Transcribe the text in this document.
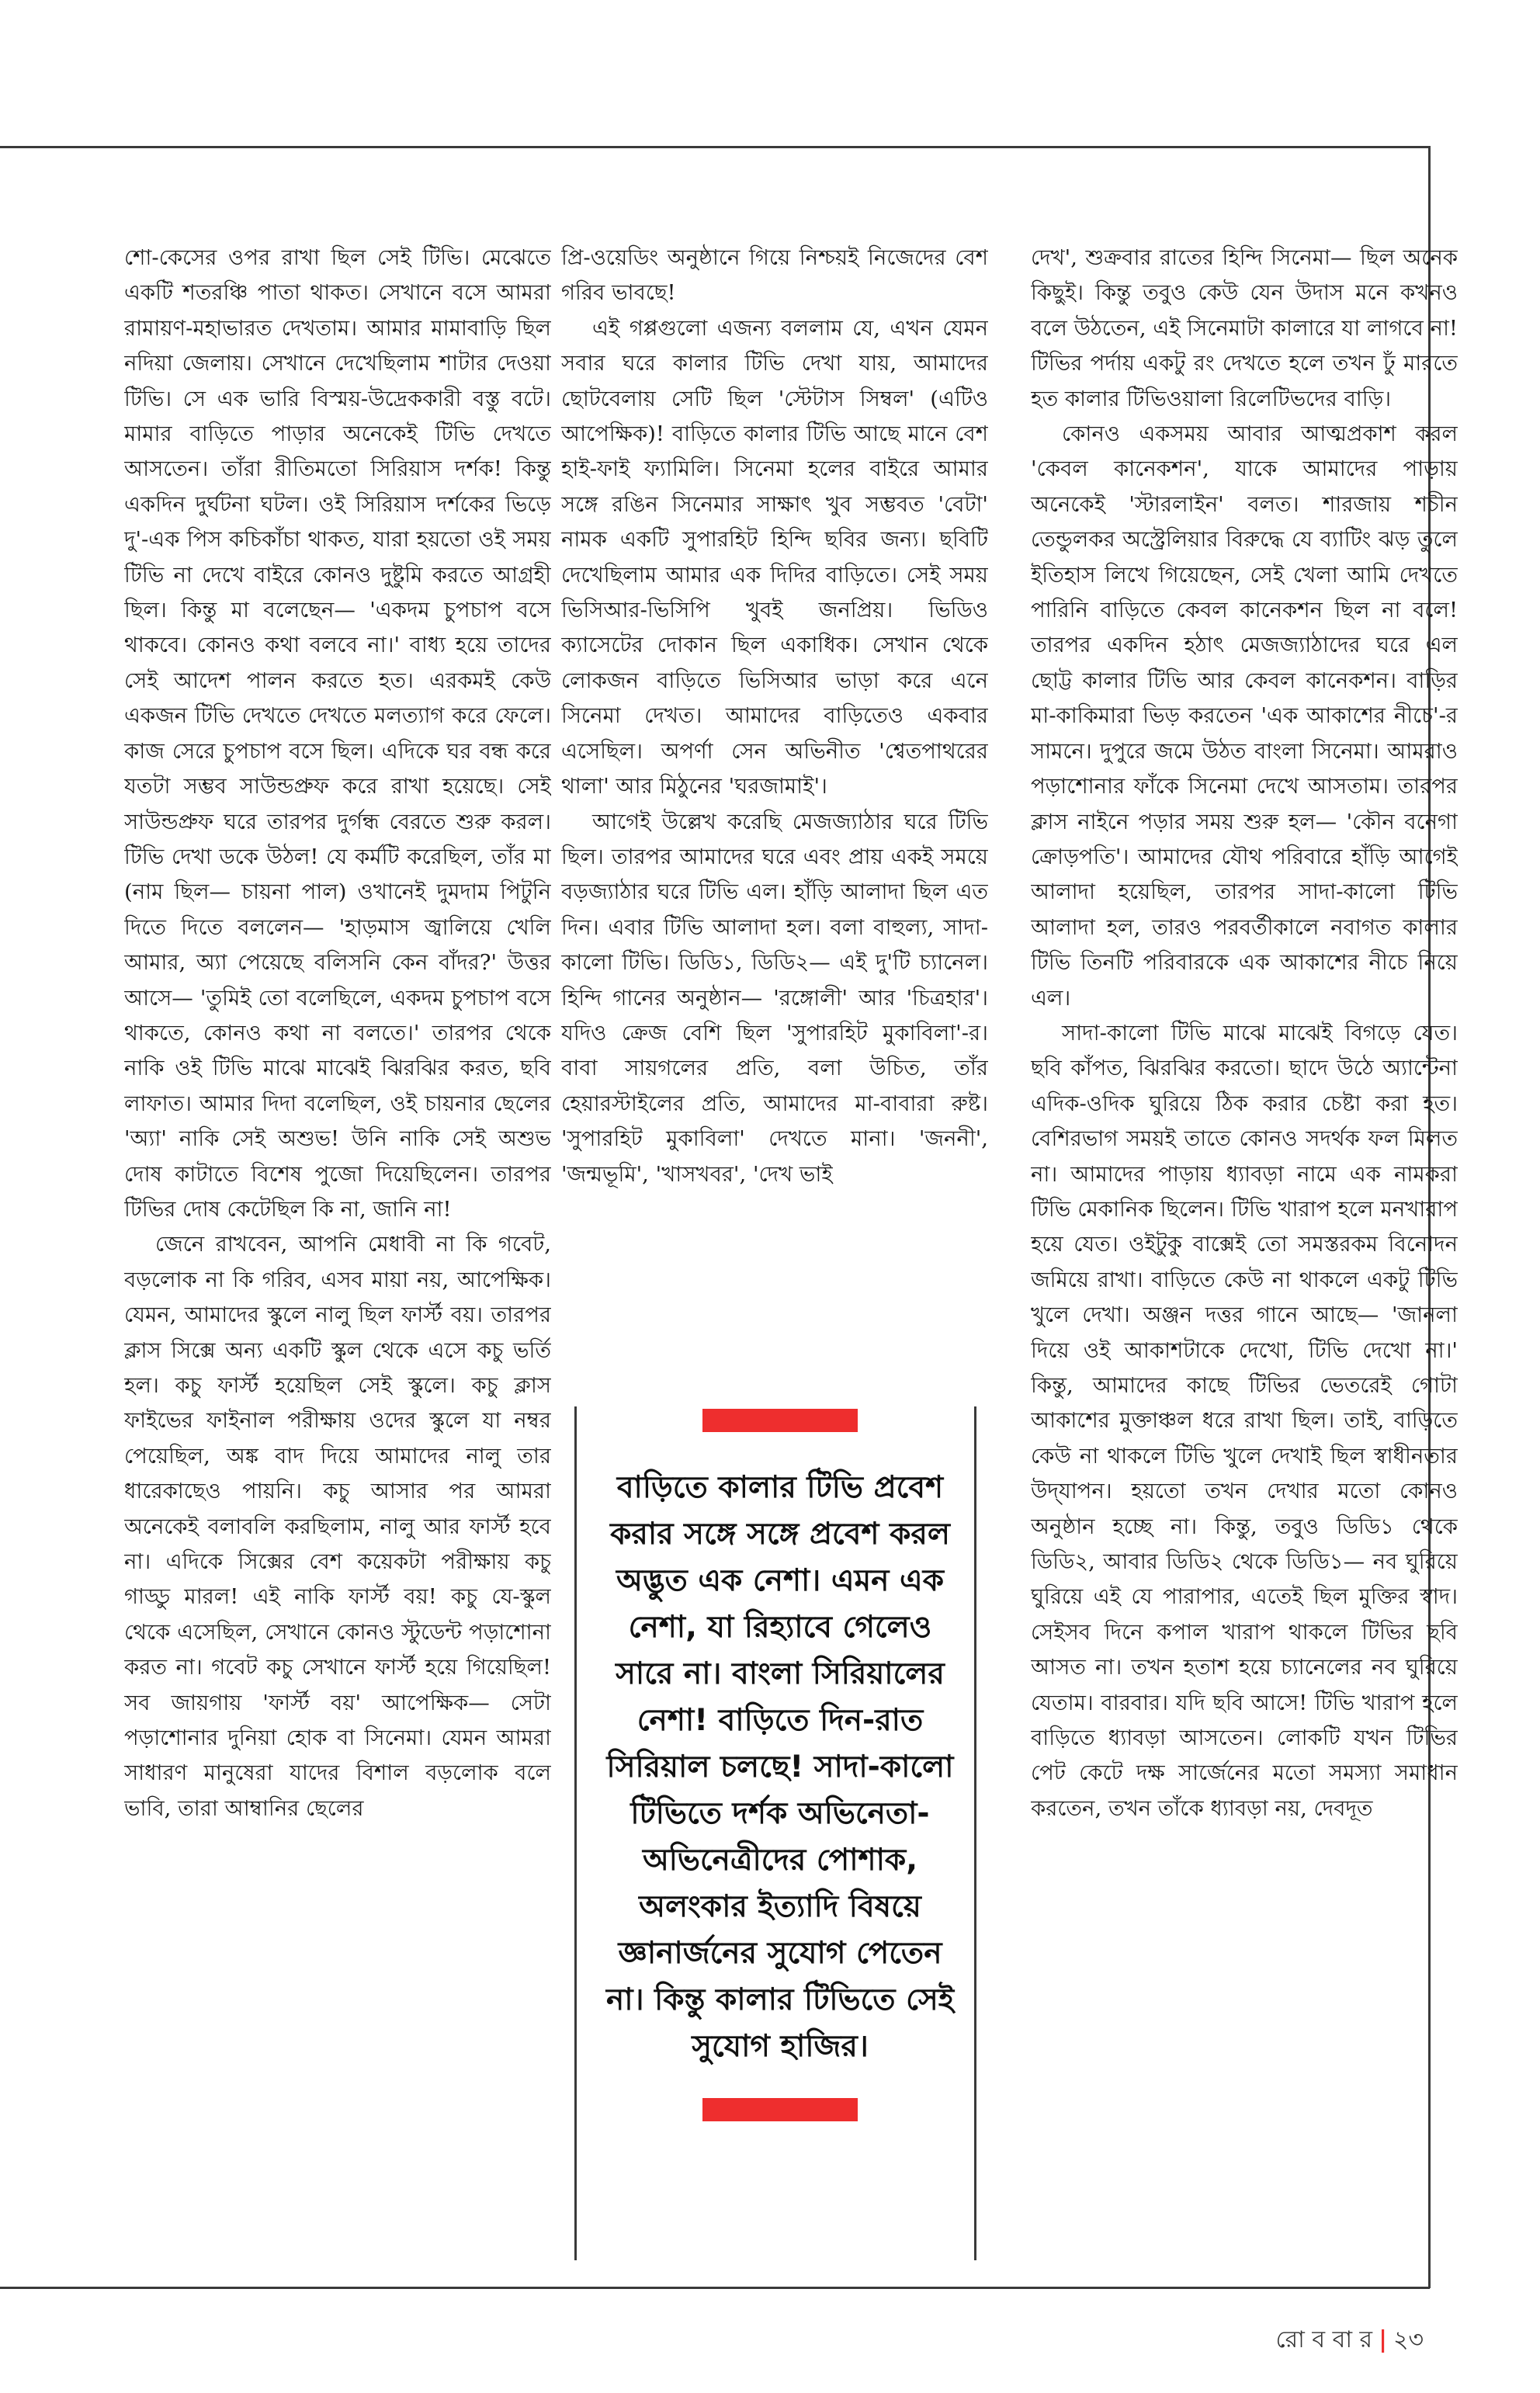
শো-কেসের ওপর রাখা ছিল সেই টিভি। মেঝেতে একটি শতরঞ্চি পাতা থাকত। সেখানে বসে আমরা রামায়ণ-মহাভারত দেখতাম। আমার মামাবাড়ি ছিল নদিয়া জেলায়। সেখানে দেখেছিলাম শাটার দেওয়া টিভি। সে এক ভারি বিস্ময়-উদ্রেককারী বস্তু বটে। মামার বাড়িতে পাড়ার অনেকেই টিভি দেখতে আসতেন। তাঁরা রীতিমতো সিরিয়াস দর্শক! কিন্তু একদিন দুর্ঘটনা ঘটল। ওই সিরিয়াস দর্শকের ভিড়ে দু'-এক পিস কচিকাঁচা থাকত, যারা হয়তো ওই সময় টিভি না দেখে বাইরে কোনও দুষ্টুমি করতে আগ্রহী ছিল। কিন্তু মা বলেছেন— 'একদম চুপচাপ বসে থাকবে। কোনও কথা বলবে না।' বাধ্য হয়ে তাদের সেই আদেশ পালন করতে হত। এরকমই কেউ একজন টিভি দেখতে দেখতে মলত্যাগ করে ফেলে। কাজ সেরে চুপচাপ বসে ছিল। এদিকে ঘর বন্ধ করে যতটা সম্ভব সাউন্ডপ্রুফ করে রাখা হয়েছে। সেই সাউন্ডপ্রুফ ঘরে তারপর দুর্গন্ধ বেরতে শুরু করল। টিভি দেখা ডকে উঠল! যে কর্মটি করেছিল, তাঁর মা (নাম ছিল— চায়না পাল) ওখানেই দুমদাম পিটুনি দিতে দিতে বললেন— 'হাড়মাস জ্বালিয়ে খেলি আমার, অ্যা পেয়েছে বলিসনি কেন বাঁদর?' উত্তর আসে— 'তুমিই তো বলেছিলে, একদম চুপচাপ বসে থাকতে, কোনও কথা না বলতে।' তারপর থেকে নাকি ওই টিভি মাঝে মাঝেই ঝিরঝির করত, ছবি লাফাত। আমার দিদা বলেছিল, ওই চায়নার ছেলের 'অ্যা' নাকি সেই অশুভ! উনি নাকি সেই অশুভ দোষ কাটাতে বিশেষ পুজো দিয়েছিলেন। তারপর টিভির দোষ কেটেছিল কি না, জানি না!

জেনে রাখবেন, আপনি মেধাবী না কি গবেট, বড়লোক না কি গরিব, এসব মায়া নয়, আপেক্ষিক। যেমন, আমাদের স্কুলে নালু ছিল ফার্স্ট বয়। তারপর ক্লাস সিক্সে অন্য একটি স্কুল থেকে এসে কচু ভর্তি হল। কচু ফার্স্ট হয়েছিল সেই স্কুলে। কচু ক্লাস ফাইভের ফাইনাল পরীক্ষায় ওদের স্কুলে যা নম্বর পেয়েছিল, অঙ্ক বাদ দিয়ে আমাদের নালু তার ধারেকাছেও পায়নি। কচু আসার পর আমরা অনেকেই বলাবলি করছিলাম, নালু আর ফার্স্ট হবে না। এদিকে সিক্সের বেশ কয়েকটা পরীক্ষায় কচু গাড্ডু মারল! এই নাকি ফার্স্ট বয়! কচু যে-স্কুল থেকে এসেছিল, সেখানে কোনও স্টুডেন্ট পড়াশোনা করত না। গবেট কচু সেখানে ফার্স্ট হয়ে গিয়েছিল! সব জায়গায় 'ফার্স্ট বয়' আপেক্ষিক— সেটা পড়াশোনার দুনিয়া হোক বা সিনেমা। যেমন আমরা সাধারণ মানুষেরা যাদের বিশাল বড়লোক বলে ভাবি, তারা আম্বানির ছেলের

প্রি-ওয়েডিং অনুষ্ঠানে গিয়ে নিশ্চয়ই নিজেদের বেশ গরিব ভাবছে!

এই গপ্পগুলো এজন্য বললাম যে, এখন যেমন সবার ঘরে কালার টিভি দেখা যায়, আমাদের ছোটবেলায় সেটি ছিল 'স্টেটাস সিম্বল' (এটিও আপেক্ষিক)! বাড়িতে কালার টিভি আছে মানে বেশ হাই-ফাই ফ্যামিলি। সিনেমা হলের বাইরে আমার সঙ্গে রঙিন সিনেমার সাক্ষাৎ খুব সম্ভবত 'বেটা' নামক একটি সুপারহিট হিন্দি ছবির জন্য। ছবিটি দেখেছিলাম আমার এক দিদির বাড়িতে। সেই সময় ভিসিআর-ভিসিপি খুবই জনপ্রিয়। ভিডিও ক্যাসেটের দোকান ছিল একাধিক। সেখান থেকে লোকজন বাড়িতে ভিসিআর ভাড়া করে এনে সিনেমা দেখত। আমাদের বাড়িতেও একবার এসেছিল। অপর্ণা সেন অভিনীত 'শ্বেতপাথরের থালা' আর মিঠুনের 'ঘরজামাই'।

আগেই উল্লেখ করেছি মেজজ্যাঠার ঘরে টিভি ছিল। তারপর আমাদের ঘরে এবং প্রায় একই সময়ে বড়জ্যাঠার ঘরে টিভি এল। হাঁড়ি আলাদা ছিল এত দিন। এবার টিভি আলাদা হল। বলা বাহুল্য, সাদা-কালো টিভি। ডিডি১, ডিডি২— এই দু'টি চ্যানেল। হিন্দি গানের অনুষ্ঠান— 'রঙ্গোলী' আর 'চিত্রহার'। যদিও ক্রেজ বেশি ছিল 'সুপারহিট মুকাবিলা'-র। বাবা সায়গলের প্রতি, বলা উচিত, তাঁর হেয়ারস্টাইলের প্রতি, আমাদের মা-বাবারা রুষ্ট। 'সুপারহিট মুকাবিলা' দেখতে মানা। 'জননী', 'জন্মভূমি', 'খাসখবর', 'দেখ ভাই

বাড়িতে কালার টিভি প্রবেশ করার সঙ্গে সঙ্গে প্রবেশ করল অদ্ভুত এক নেশা। এমন এক নেশা, যা রিহ্যাবে গেলেও সারে না। বাংলা সিরিয়ালের নেশা! বাড়িতে দিন-রাত সিরিয়াল চলছে! সাদা-কালো টিভিতে দর্শক অভিনেতা-অভিনেত্রীদের পোশাক, অলংকার ইত্যাদি বিষয়ে জ্ঞানার্জনের সুযোগ পেতেন না। কিন্তু কালার টিভিতে সেই সুযোগ হাজির।

দেখ', শুক্রবার রাতের হিন্দি সিনেমা— ছিল অনেক কিছুই। কিন্তু তবুও কেউ যেন উদাস মনে কখনও বলে উঠতেন, এই সিনেমাটা কালারে যা লাগবে না! টিভির পর্দায় একটু রং দেখতে হলে তখন ঢুঁ মারতে হত কালার টিভিওয়ালা রিলেটিভদের বাড়ি।

কোনও একসময় আবার আত্মপ্রকাশ করল 'কেবল কানেকশন', যাকে আমাদের পাড়ায় অনেকেই 'স্টারলাইন' বলত। শারজায় শচীন তেন্ডুলকর অস্ট্রেলিয়ার বিরুদ্ধে যে ব্যাটিং ঝড় তুলে ইতিহাস লিখে গিয়েছেন, সেই খেলা আমি দেখতে পারিনি বাড়িতে কেবল কানেকশন ছিল না বলে! তারপর একদিন হঠাৎ মেজজ্যাঠাদের ঘরে এল ছোট্ট কালার টিভি আর কেবল কানেকশন। বাড়ির মা-কাকিমারা ভিড় করতেন 'এক আকাশের নীচে'-র সামনে। দুপুরে জমে উঠত বাংলা সিনেমা। আমরাও পড়াশোনার ফাঁকে সিনেমা দেখে আসতাম। তারপর ক্লাস নাইনে পড়ার সময় শুরু হল— 'কৌন বনেগা ক্রোড়পতি'। আমাদের যৌথ পরিবারে হাঁড়ি আগেই আলাদা হয়েছিল, তারপর সাদা-কালো টিভি আলাদা হল, তারও পরবর্তীকালে নবাগত কালার টিভি তিনটি পরিবারকে এক আকাশের নীচে নিয়ে এল।

সাদা-কালো টিভি মাঝে মাঝেই বিগড়ে যেত। ছবি কাঁপত, ঝিরঝির করতো। ছাদে উঠে অ্যান্টেনা এদিক-ওদিক ঘুরিয়ে ঠিক করার চেষ্টা করা হত। বেশিরভাগ সময়ই তাতে কোনও সদর্থক ফল মিলত না। আমাদের পাড়ায় ধ্যাবড়া নামে এক নামকরা টিভি মেকানিক ছিলেন। টিভি খারাপ হলে মনখারাপ হয়ে যেত। ওইটুকু বাক্সেই তো সমস্তরকম বিনোদন জমিয়ে রাখা। বাড়িতে কেউ না থাকলে একটু টিভি খুলে দেখা। অঞ্জন দত্তর গানে আছে— 'জানলা দিয়ে ওই আকাশটাকে দেখো, টিভি দেখো না।' কিন্তু, আমাদের কাছে টিভির ভেতরেই গোটা আকাশের মুক্তাঞ্চল ধরে রাখা ছিল। তাই, বাড়িতে কেউ না থাকলে টিভি খুলে দেখাই ছিল স্বাধীনতার উদ্‌যাপন। হয়তো তখন দেখার মতো কোনও অনুষ্ঠান হচ্ছে না। কিন্তু, তবুও ডিডি১ থেকে ডিডি২, আবার ডিডি২ থেকে ডিডি১— নব ঘুরিয়ে ঘুরিয়ে এই যে পারাপার, এতেই ছিল মুক্তির স্বাদ। সেইসব দিনে কপাল খারাপ থাকলে টিভির ছবি আসত না। তখন হতাশ হয়ে চ্যানেলের নব ঘুরিয়ে যেতাম। বারবার। যদি ছবি আসে! টিভি খারাপ হলে বাড়িতে ধ্যাবড়া আসতেন। লোকটি যখন টিভির পেট কেটে দক্ষ সার্জেনের মতো সমস্যা সমাধান করতেন, তখন তাঁকে ধ্যাবড়া নয়, দেবদূত

রো ব বা র | ২৩
